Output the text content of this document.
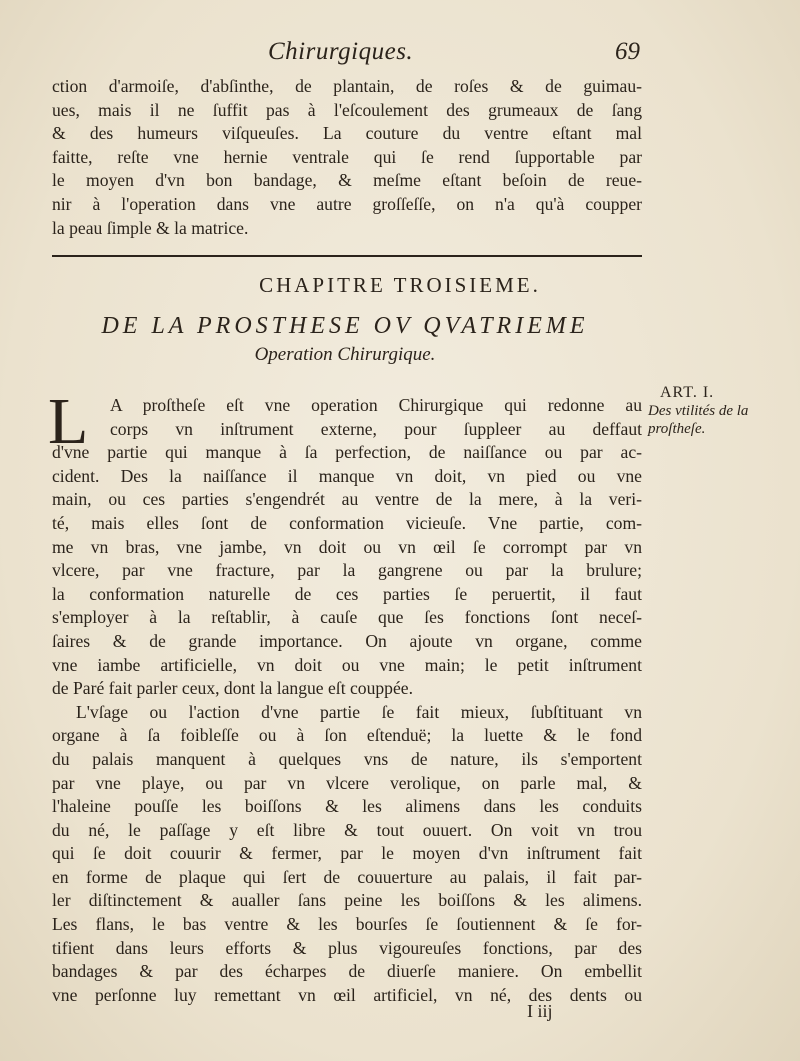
Chirurgiques.	69
ction d'armoiſe, d'abſinthe, de plantain, de roſes & de guimau-
ues, mais il ne ſuffit pas à l'eſcoulement des grumeaux de ſang
& des humeurs viſqueuſes. La couture du ventre eſtant mal
faitte, reſte vne hernie ventrale qui ſe rend ſupportable par
le moyen d'vn bon bandage, & meſme eſtant beſoin de reue-
nir à l'operation dans vne autre groſſeſſe, on n'a qu'à coupper
la peau ſimple & la matrice.
CHAPITRE TROISIEME.
DE LA PROSTHESE OV QVATRIEME
Operation Chirurgique.
L	A proſtheſe eſt vne operation Chirurgique qui redonne au
corps vn inſtrument externe, pour ſuppleer au deffaut
d'vne partie qui manque à ſa perfection, de naiſſance ou par ac-
cident. Des la naiſſance il manque vn doit, vn pied ou vne
main, ou ces parties s'engendrét au ventre de la mere, à la veri-
té, mais elles ſont de conformation vicieuſe. Vne partie, com-
me vn bras, vne jambe, vn doit ou vn œil ſe corrompt par vn
vlcere, par vne fracture, par la gangrene ou par la brulure;
la conformation naturelle de ces parties ſe peruertit, il faut
s'employer à la reſtablir, à cauſe que ſes fonctions ſont neceſ-
ſaires & de grande importance. On ajoute vn organe, comme
vne iambe artificielle, vn doit ou vne main; le petit inſtrument
de Paré fait parler ceux, dont la langue eſt couppée.
L'vſage ou l'action d'vne partie ſe fait mieux, ſubſtituant vn
organe à ſa foibleſſe ou à ſon eſtenduë; la luette & le fond
du palais manquent à quelques vns de nature, ils s'emportent
par vne playe, ou par vn vlcere verolique, on parle mal, &
l'haleine pouſſe les boiſſons & les alimens dans les conduits
du né, le paſſage y eſt libre & tout ouuert. On voit vn trou
qui ſe doit couurir & fermer, par le moyen d'vn inſtrument fait
en forme de plaque qui ſert de couuerture au palais, il fait par-
ler diſtinctement & aualler ſans peine les boiſſons & les alimens.
Les flans, le bas ventre & les bourſes ſe ſoutiennent & ſe for-
tifient dans leurs efforts & plus vigoureuſes fonctions, par des
bandages & par des écharpes de diuerſe maniere. On embellit
vne perſonne luy remettant vn œil artificiel, vn né, des dents ou
ART. I.
Des vtilités de la proſtheſe.
I iij
